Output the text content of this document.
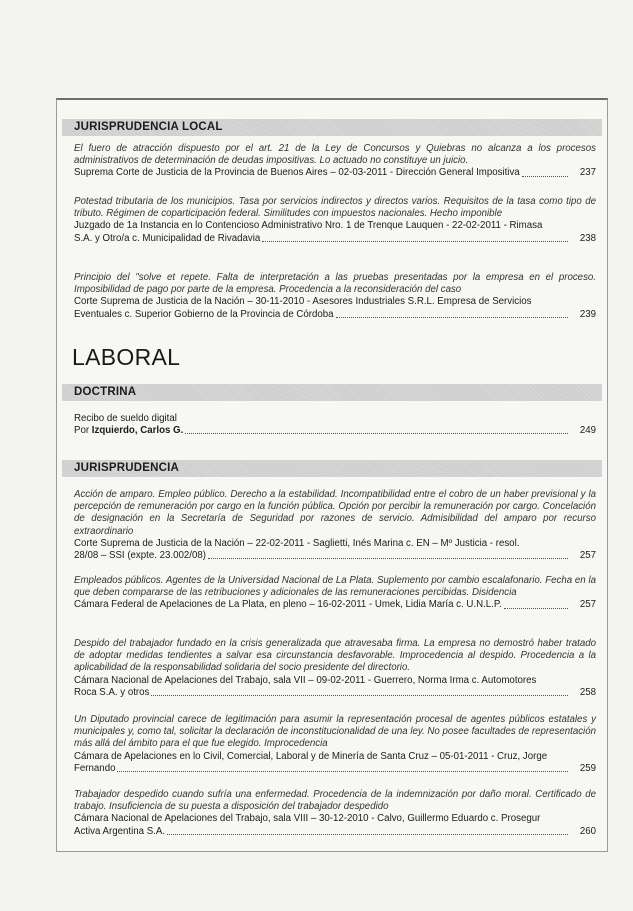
JURISPRUDENCIA LOCAL
El fuero de atracción dispuesto por el art. 21 de la Ley de Concursos y Quiebras no alcanza a los procesos administrativos de determinación de deudas impositivas. Lo actuado no constituye un juicio.
Suprema Corte de Justicia de la Provincia de Buenos Aires – 02-03-2011 - Dirección General Impositiva	237
Potestad tributaria de los municipios. Tasa por servicios indirectos y directos varios. Requisitos de la tasa como tipo de tributo. Régimen de coparticipación federal. Similitudes con impuestos nacionales. Hecho imponible
Juzgado de 1a Instancia en lo Contencioso Administrativo Nro. 1 de Trenque Lauquen - 22-02-2011 - Rimasa
S.A. y Otro/a c. Municipalidad de Rivadavia	238
Principio del "solve et repete. Falta de interpretación a las pruebas presentadas por la empresa en el proceso. Imposibilidad de pago por parte de la empresa. Procedencia a la reconsideración del caso
Corte Suprema de Justicia de la Nación – 30-11-2010 - Asesores Industriales S.R.L. Empresa de Servicios
Eventuales c. Superior Gobierno de la Provincia de Córdoba	239
LABORAL
DOCTRINA
Recibo de sueldo digital
Por Izquierdo, Carlos G.	249
JURISPRUDENCIA
Acción de amparo. Empleo público. Derecho a la estabilidad. Incompatibilidad entre el cobro de un haber previsional y la percepción de remuneración por cargo en la función pública. Opción por percibir la remuneración por cargo. Concelación de designación en la Secretaría de Seguridad por razones de servicio. Admisibilidad del amparo por recurso extraordinario
Corte Suprema de Justicia de la Nación – 22-02-2011 - Saglietti, Inés Marina c. EN – Mº Justicia - resol.
28/08 – SSI (expte. 23.002/08)	257
Empleados públicos. Agentes de la Universidad Nacional de La Plata. Suplemento por cambio escalafonario. Fecha en la que deben compararse de las retribuciones y adicionales de las remuneraciones percibidas. Disidencia
Cámara Federal de Apelaciones de La Plata, en pleno – 16-02-2011 - Umek, Lidia María c. U.N.L.P.	257
Despido del trabajador fundado en la crisis generalizada que atravesaba firma. La empresa no demostró haber tratado de adoptar medidas tendientes a salvar esa circunstancia desfavorable. Improcedencia al despido. Procedencia a la aplicabilidad de la responsabilidad solidaria del socio presidente del directorio.
Cámara Nacional de Apelaciones del Trabajo, sala VII – 09-02-2011 - Guerrero, Norma Irma c. Automotores
Roca S.A. y otros	258
Un Diputado provincial carece de legitimación para asumir la representación procesal de agentes públicos estatales y municipales y, como tal, solicitar la declaración de inconstitucionalidad de una ley. No posee facultades de representación más allá del ámbito para el que fue elegido. Improcedencia
Cámara de Apelaciones en lo Civil, Comercial, Laboral y de Minería de Santa Cruz – 05-01-2011 - Cruz, Jorge
Fernando	259
Trabajador despedido cuando sufría una enfermedad. Procedencia de la indemnización por daño moral. Certificado de trabajo. Insuficiencia de su puesta a disposición del trabajador despedido
Cámara Nacional de Apelaciones del Trabajo, sala VIII – 30-12-2010 - Calvo, Guillermo Eduardo c. Prosegur
Activa Argentina S.A.	260
